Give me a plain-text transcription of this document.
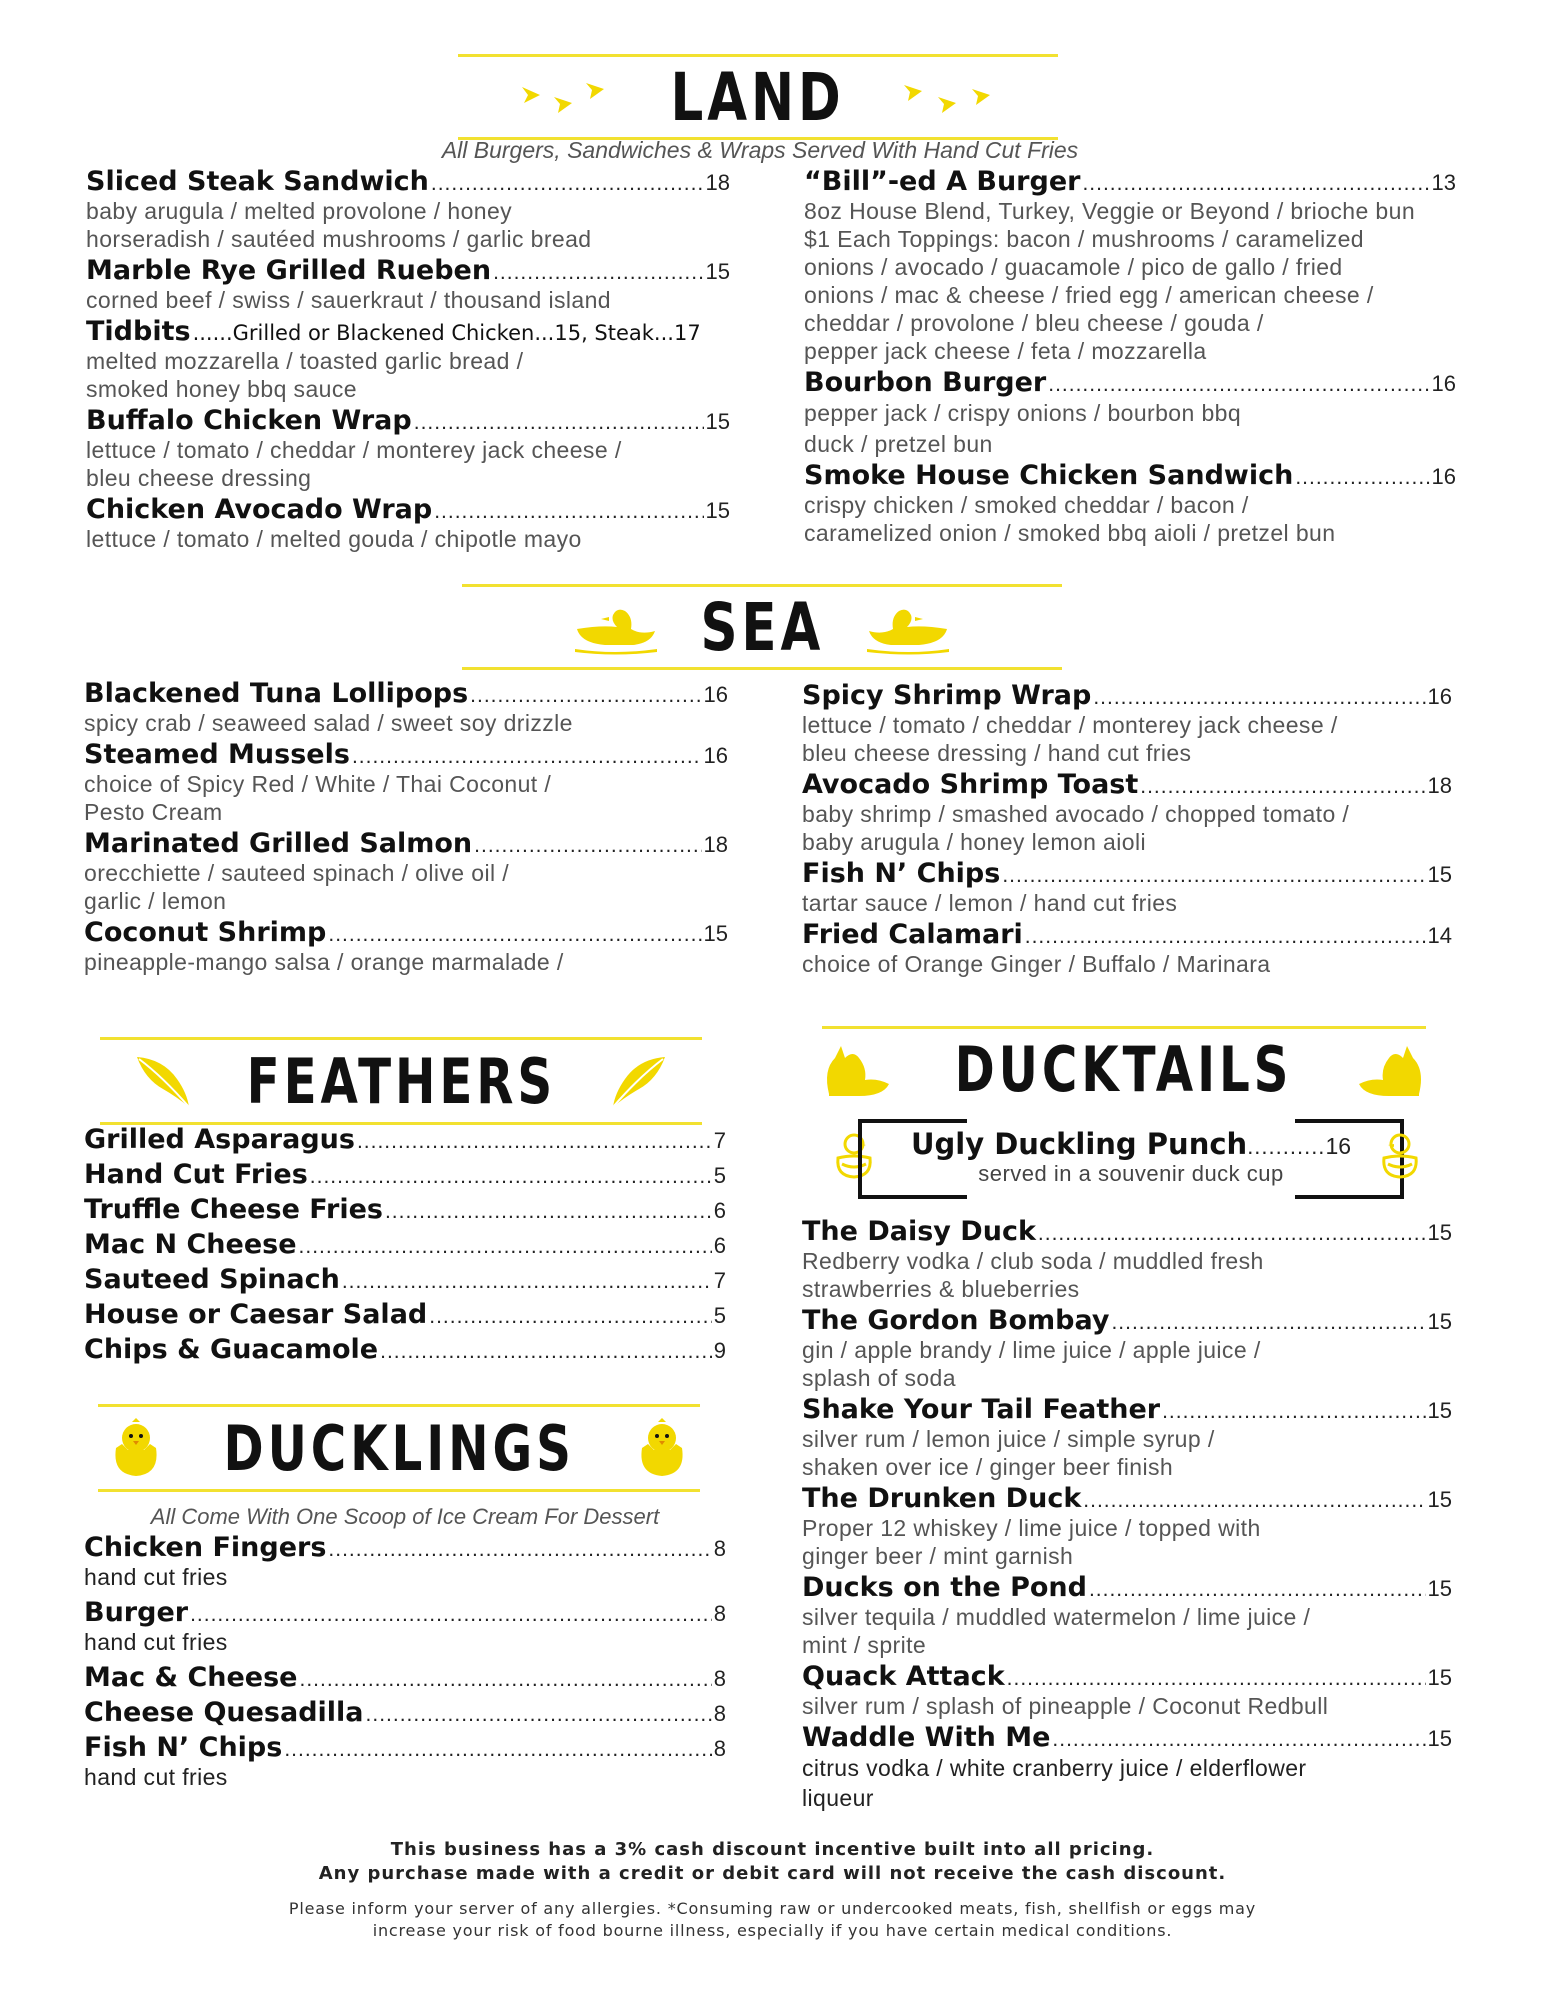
LAND
All Burgers, Sandwiches & Wraps Served With Hand Cut Fries
Sliced Steak Sandwich .....	18
baby arugula / melted provolone / honey
horseradish / sautéed mushrooms / garlic bread
Marble Rye Grilled Rueben .....	15
corned beef / swiss / sauerkraut / thousand island
Tidbits ......Grilled or Blackened Chicken...15, Steak...17
melted mozzarella / toasted garlic bread /
smoked honey bbq sauce
Buffalo Chicken Wrap .....	15
lettuce / tomato / cheddar / monterey jack cheese /
bleu cheese dressing
Chicken Avocado Wrap .....	15
lettuce / tomato / melted gouda / chipotle mayo
“Bill”-ed A Burger .....	13
8oz House Blend, Turkey, Veggie or Beyond / brioche bun
$1 Each Toppings: bacon / mushrooms / caramelized
onions / avocado / guacamole / pico de gallo / fried
onions / mac & cheese / fried egg / american cheese /
cheddar / provolone / bleu cheese / gouda /
pepper jack cheese / feta / mozzarella
Bourbon Burger .....	16
pepper jack / crispy onions / bourbon bbq
duck / pretzel bun
Smoke House Chicken Sandwich .....	16
crispy chicken / smoked cheddar / bacon /
caramelized onion / smoked bbq aioli / pretzel bun
SEA
Blackened Tuna Lollipops .....	16
spicy crab / seaweed salad / sweet soy drizzle
Steamed Mussels .....	16
choice of Spicy Red / White / Thai Coconut /
Pesto Cream
Marinated Grilled Salmon .....	18
orecchiette / sauteed spinach / olive oil /
garlic / lemon
Coconut Shrimp .....	15
pineapple-mango salsa / orange marmalade /
Spicy Shrimp Wrap .....	16
lettuce / tomato / cheddar / monterey jack cheese /
bleu cheese dressing / hand cut fries
Avocado Shrimp Toast .....	18
baby shrimp / smashed avocado / chopped tomato /
baby arugula / honey lemon aioli
Fish N’ Chips .....	15
tartar sauce / lemon / hand cut fries
Fried Calamari .....	14
choice of Orange Ginger / Buffalo / Marinara
FEATHERS
Grilled Asparagus .....	7
Hand Cut Fries .....	5
Truffle Cheese Fries .....	6
Mac N Cheese .....	6
Sauteed Spinach .....	7
House or Caesar Salad .....	5
Chips & Guacamole .....	9
DUCKLINGS
All Come With One Scoop of Ice Cream For Dessert
Chicken Fingers .....	8
hand cut fries
Burger .....	8
hand cut fries
Mac & Cheese .....	8
Cheese Quesadilla .....	8
Fish N’ Chips .....	8
hand cut fries
DUCKTAILS
Ugly Duckling Punch ........... 16
served in a souvenir duck cup
The Daisy Duck .....	15
Redberry vodka / club soda / muddled fresh
strawberries & blueberries
The Gordon Bombay .....	15
gin / apple brandy / lime juice / apple juice /
splash of soda
Shake Your Tail Feather .....	15
silver rum / lemon juice / simple syrup /
shaken over ice / ginger beer finish
The Drunken Duck .....	15
Proper 12 whiskey / lime juice / topped with
ginger beer / mint garnish
Ducks on the Pond .....	15
silver tequila / muddled watermelon / lime juice /
mint / sprite
Quack Attack .....	15
silver rum / splash of pineapple / Coconut Redbull
Waddle With Me .....	15
citrus vodka / white cranberry juice / elderflower
liqueur
This business has a 3% cash discount incentive built into all pricing.
Any purchase made with a credit or debit card will not receive the cash discount.
Please inform your server of any allergies. *Consuming raw or undercooked meats, fish, shellfish or eggs may
increase your risk of food bourne illness, especially if you have certain medical conditions.
